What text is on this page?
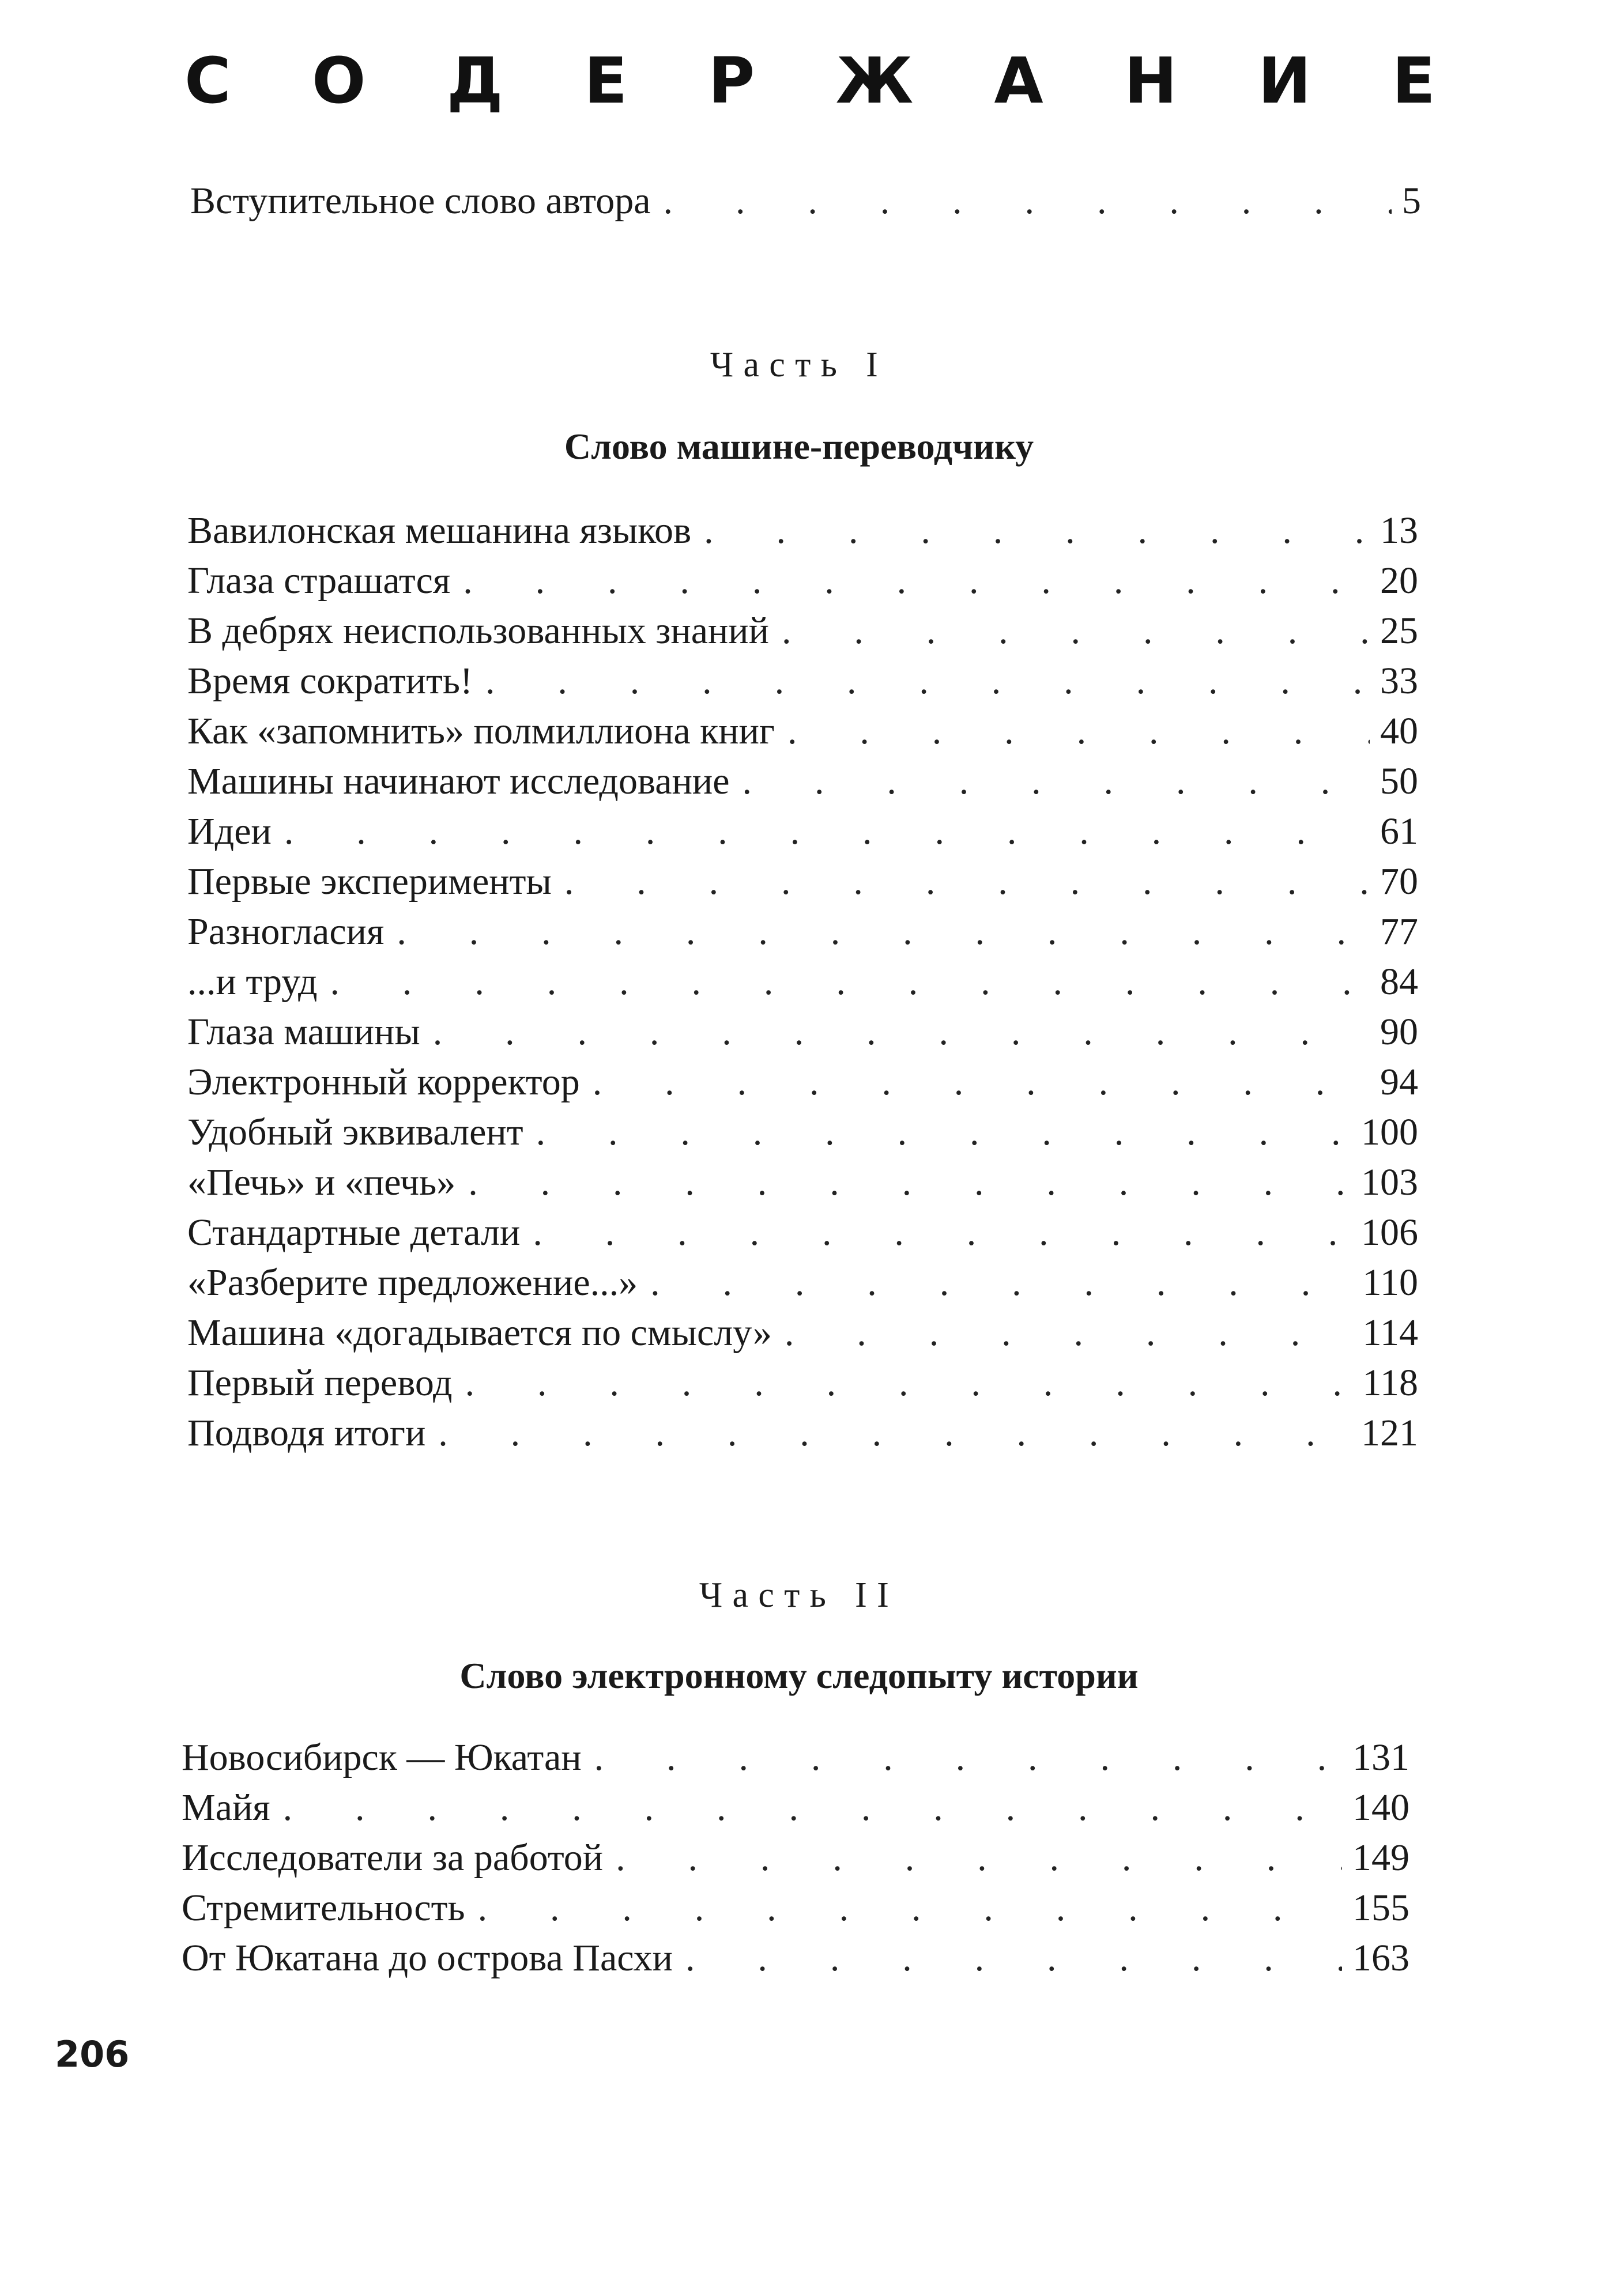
С О Д Е Р Ж А Н И Е
Вступительное слово автора . . .	5
Часть I
Слово машине-переводчику
Вавилонская мешанина языков . . .	13
Глаза страшатся . . .	20
В дебрях неиспользованных знаний . . .	25
Время сократить! . . .	33
Как «запомнить» полмиллиона книг . . .	40
Машины начинают исследование . . .	50
Идеи . . .	61
Первые эксперименты . . .	70
Разногласия . . .	77
...и труд . . .	84
Глаза машины . . .	90
Электронный корректор . . .	94
Удобный эквивалент . . .	100
«Печь» и «печь» . . .	103
Стандартные детали . . .	106
«Разберите предложение...» . . .	110
Машина «догадывается по смыслу» . . .	114
Первый перевод . . .	118
Подводя итоги . . .	121
Часть II
Слово электронному следопыту истории
Новосибирск — Юкатан . . .	131
Майя . . .	140
Исследователи за работой . . .	149
Стремительность . . .	155
От Юкатана до острова Пасхи . . .	163
206
